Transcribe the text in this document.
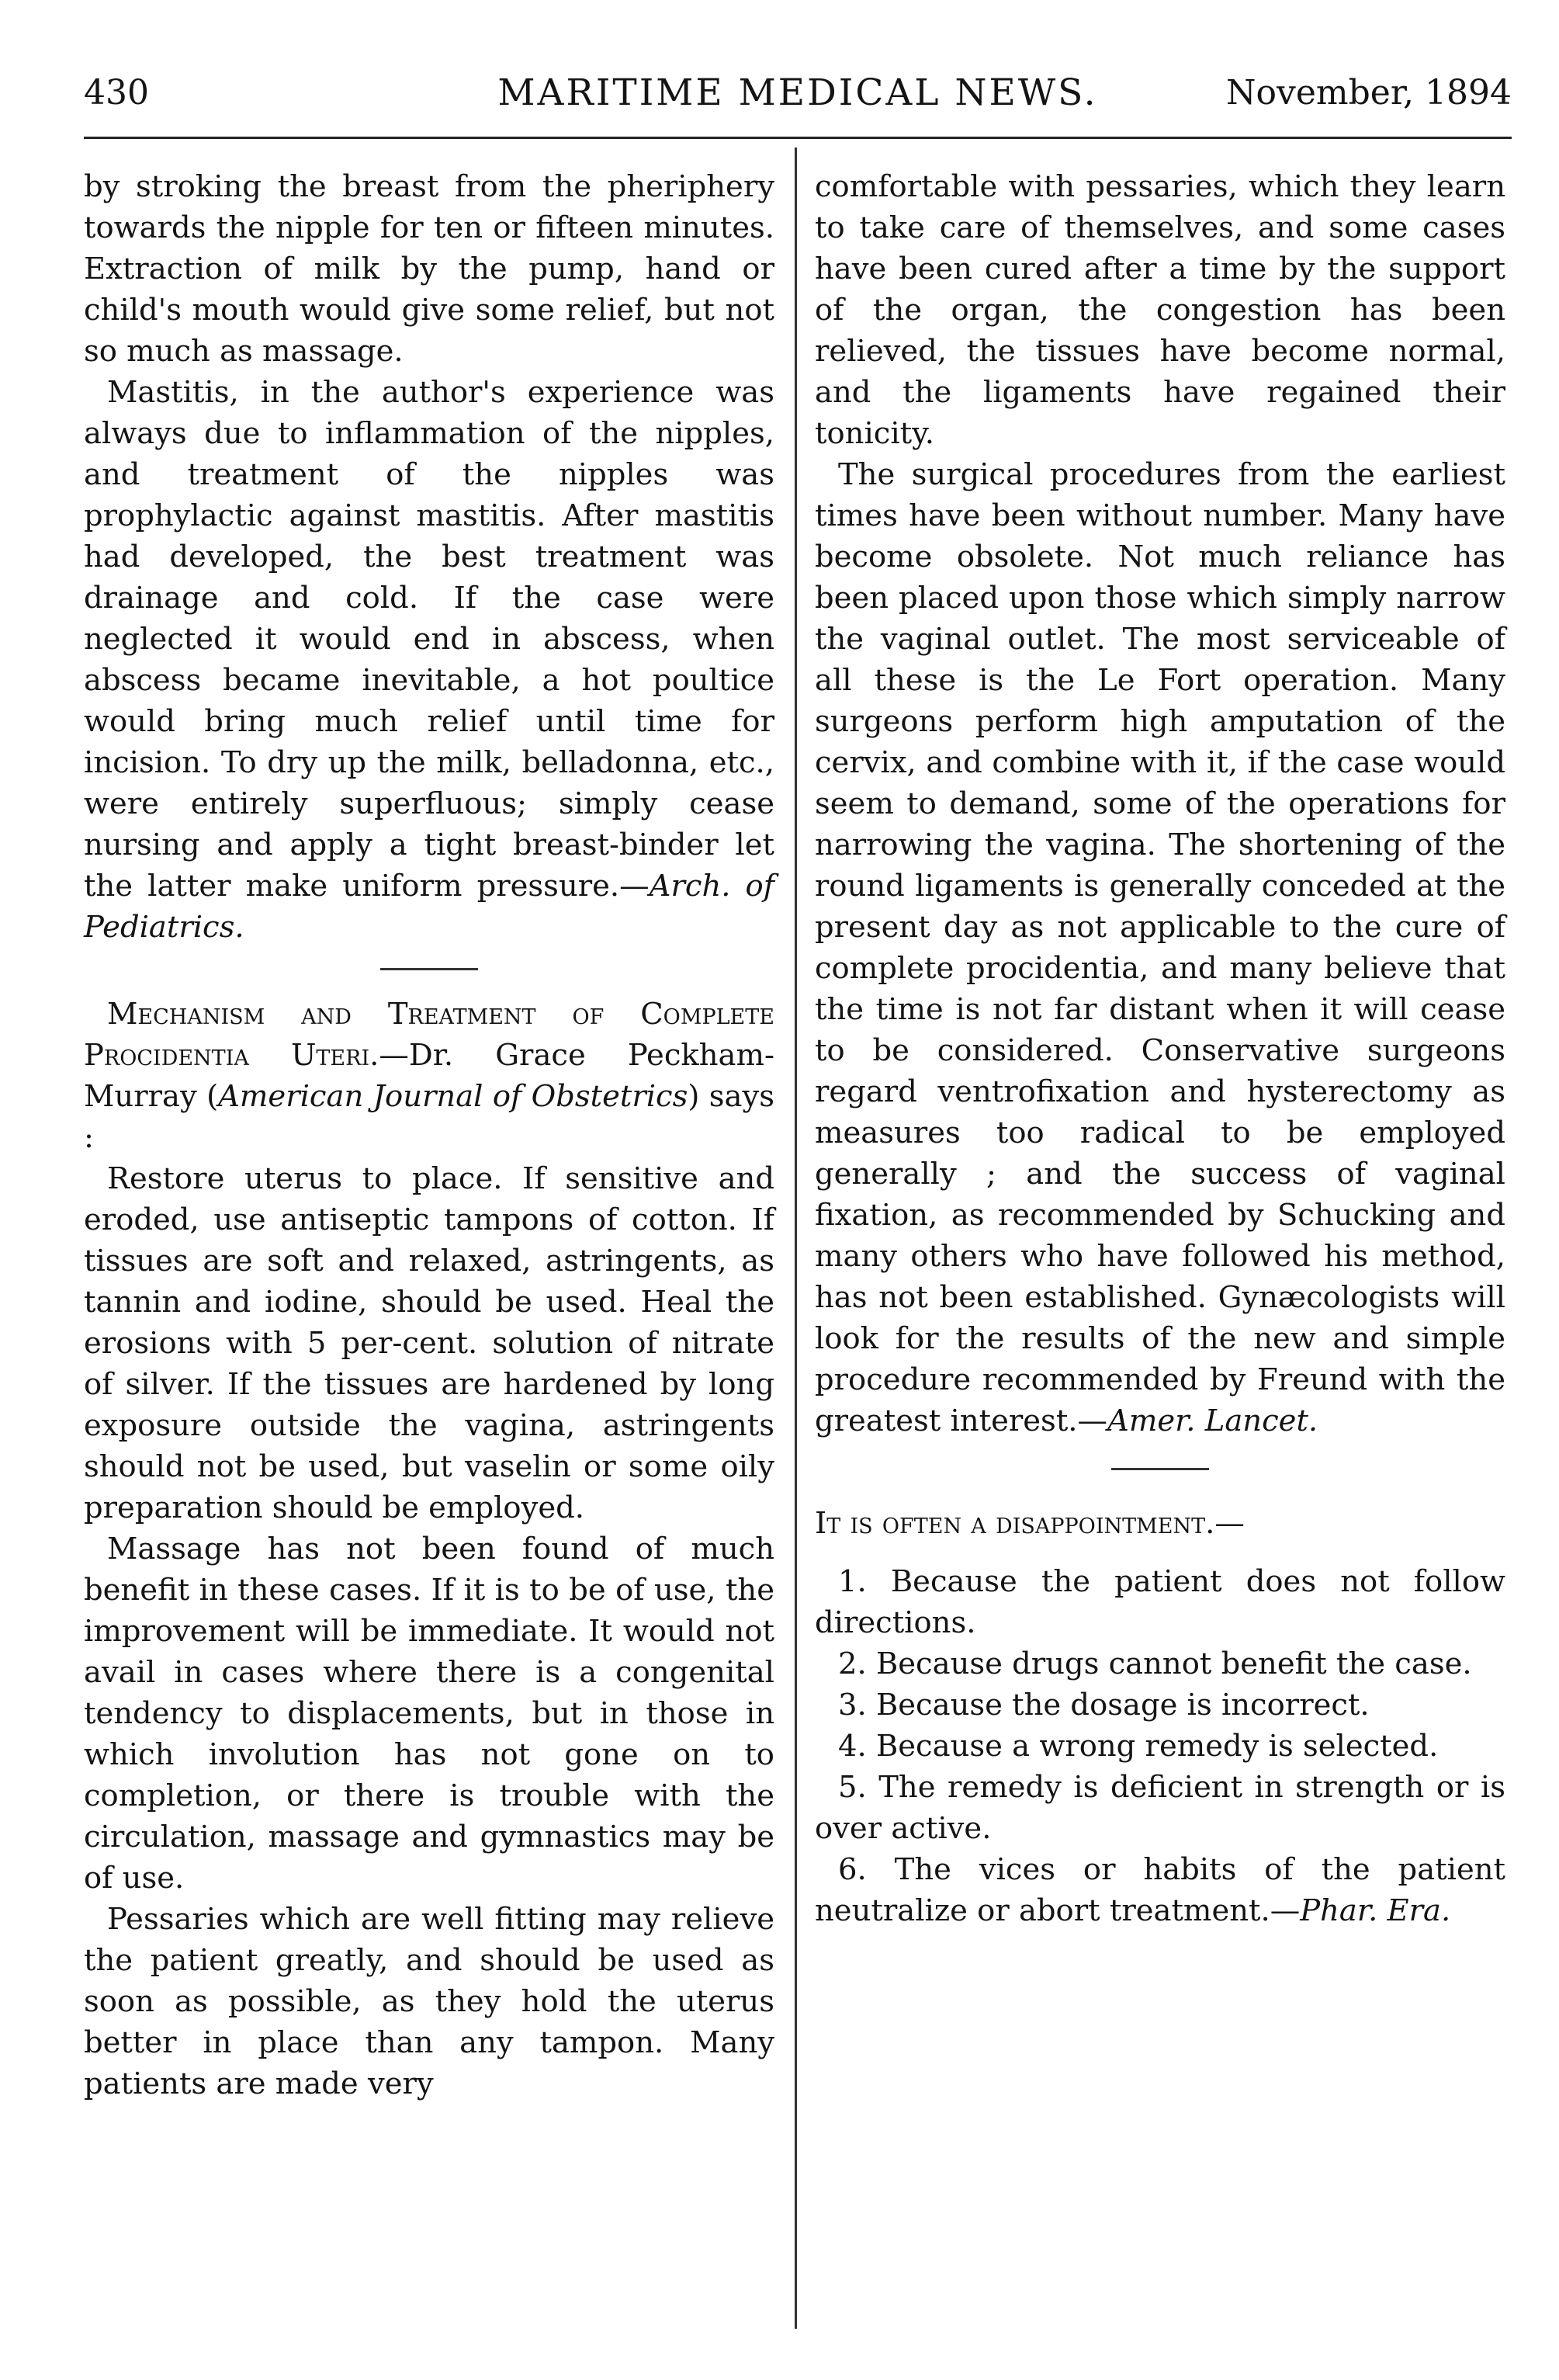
430	MARITIME MEDICAL NEWS.	November, 1894

by stroking the breast from the pheriphery towards the nipple for ten or fifteen minutes. Extraction of milk by the pump, hand or child's mouth would give some relief, but not so much as massage.

Mastitis, in the author's experience was always due to inflammation of the nipples, and treatment of the nipples was prophylactic against mastitis. After mastitis had developed, the best treatment was drainage and cold. If the case were neglected it would end in abscess, when abscess became inevitable, a hot poultice would bring much relief until time for incision. To dry up the milk, belladonna, etc., were entirely superfluous; simply cease nursing and apply a tight breast-binder let the latter make uniform pressure.—Arch. of Pediatrics.

Mechanism and Treatment of Complete Procidentia Uteri.—Dr. Grace Peckham-Murray (American Journal of Obstetrics) says :

Restore uterus to place. If sensitive and eroded, use antiseptic tampons of cotton. If tissues are soft and relaxed, astringents, as tannin and iodine, should be used. Heal the erosions with 5 per-cent. solution of nitrate of silver. If the tissues are hardened by long exposure outside the vagina, astringents should not be used, but vaselin or some oily preparation should be employed.

Massage has not been found of much benefit in these cases. If it is to be of use, the improvement will be immediate. It would not avail in cases where there is a congenital tendency to displacements, but in those in which involution has not gone on to completion, or there is trouble with the circulation, massage and gymnastics may be of use.

Pessaries which are well fitting may relieve the patient greatly, and should be used as soon as possible, as they hold the uterus better in place than any tampon. Many patients are made very

comfortable with pessaries, which they learn to take care of themselves, and some cases have been cured after a time by the support of the organ, the congestion has been relieved, the tissues have become normal, and the ligaments have regained their tonicity.

The surgical procedures from the earliest times have been without number. Many have become obsolete. Not much reliance has been placed upon those which simply narrow the vaginal outlet. The most serviceable of all these is the Le Fort operation. Many surgeons perform high amputation of the cervix, and combine with it, if the case would seem to demand, some of the operations for narrowing the vagina. The shortening of the round ligaments is generally conceded at the present day as not applicable to the cure of complete procidentia, and many believe that the time is not far distant when it will cease to be considered. Conservative surgeons regard ventrofixation and hysterectomy as measures too radical to be employed generally ; and the success of vaginal fixation, as recommended by Schucking and many others who have followed his method, has not been established. Gynæcologists will look for the results of the new and simple procedure recommended by Freund with the greatest interest.—Amer. Lancet.

It is often a disappointment.—

1. Because the patient does not follow directions.

2. Because drugs cannot benefit the case.

3. Because the dosage is incorrect.

4. Because a wrong remedy is selected.

5. The remedy is deficient in strength or is over active.

6. The vices or habits of the patient neutralize or abort treatment.—Phar. Era.
